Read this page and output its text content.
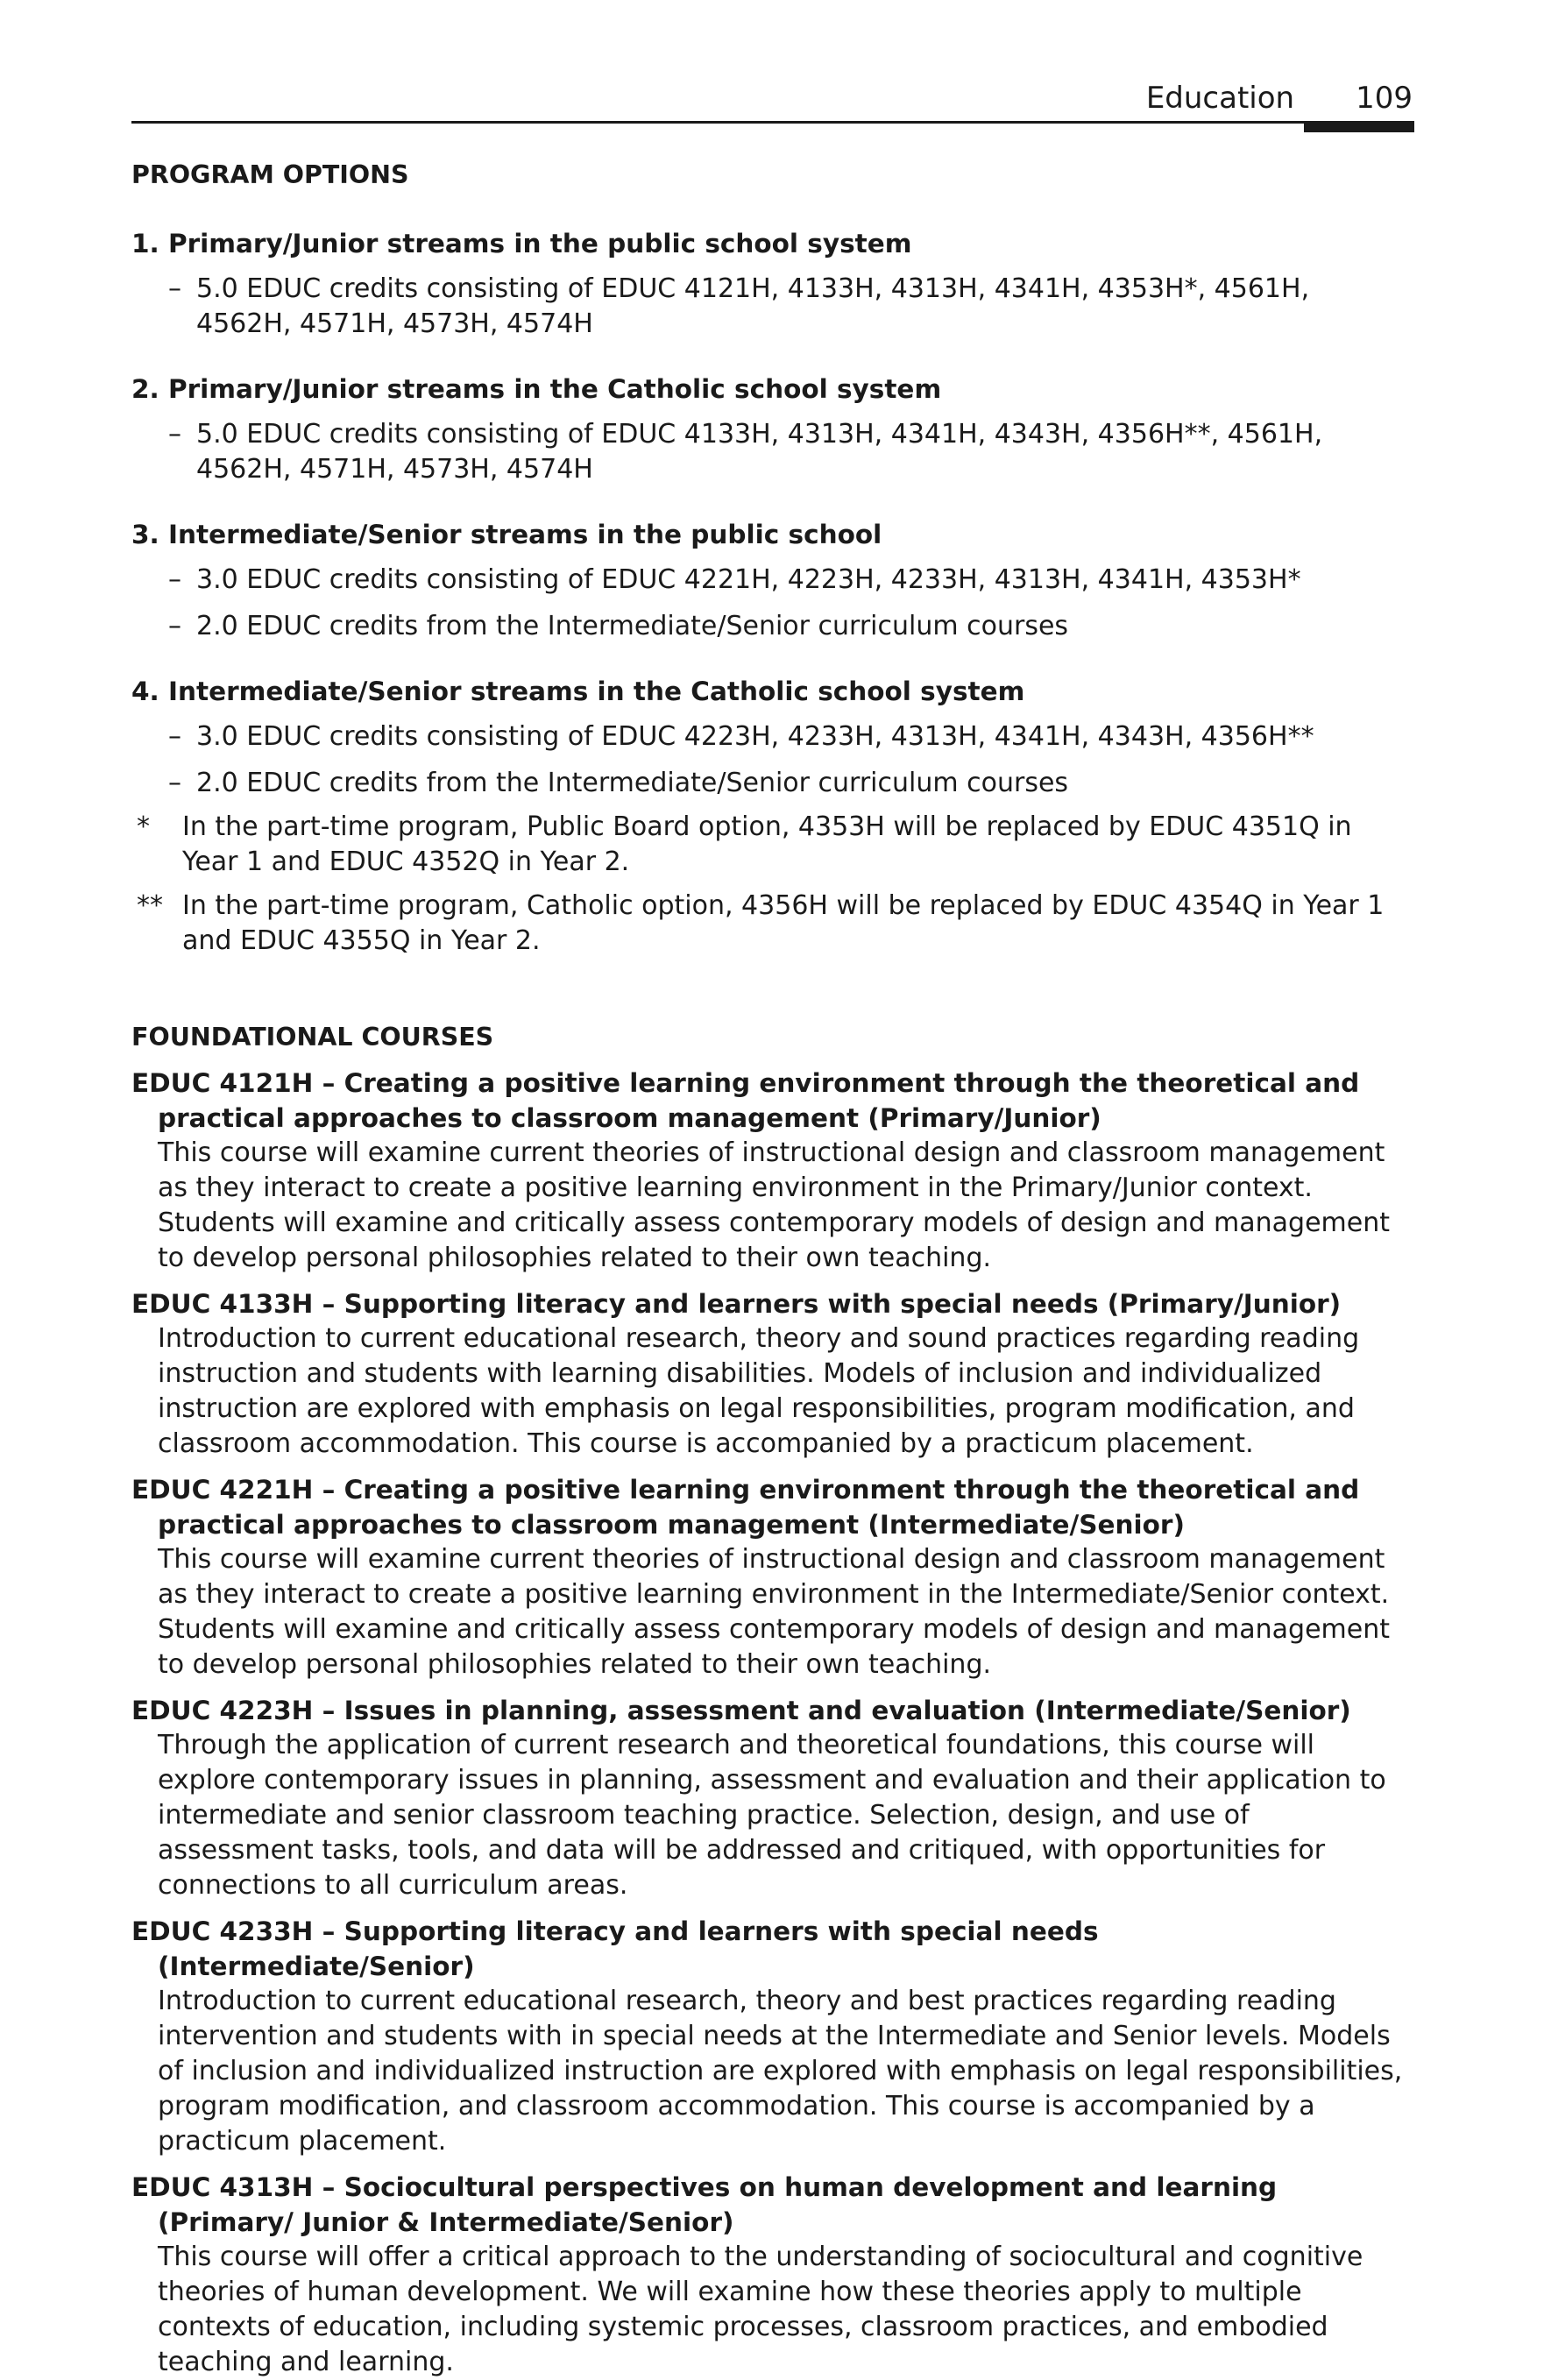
Education 109
PROGRAM OPTIONS
1. Primary/Junior streams in the public school system
– 5.0 EDUC credits consisting of EDUC 4121H, 4133H, 4313H, 4341H, 4353H*, 4561H, 4562H, 4571H, 4573H, 4574H
2. Primary/Junior streams in the Catholic school system
– 5.0 EDUC credits consisting of EDUC 4133H, 4313H, 4341H, 4343H, 4356H**, 4561H, 4562H, 4571H, 4573H, 4574H
3. Intermediate/Senior streams in the public school
– 3.0 EDUC credits consisting of EDUC 4221H, 4223H, 4233H, 4313H, 4341H, 4353H*
– 2.0 EDUC credits from the Intermediate/Senior curriculum courses
4. Intermediate/Senior streams in the Catholic school system
– 3.0 EDUC credits consisting of EDUC 4223H, 4233H, 4313H, 4341H, 4343H, 4356H**
– 2.0 EDUC credits from the Intermediate/Senior curriculum courses
* In the part-time program, Public Board option, 4353H will be replaced by EDUC 4351Q in Year 1 and EDUC 4352Q in Year 2.
** In the part-time program, Catholic option, 4356H will be replaced by EDUC 4354Q in Year 1 and EDUC 4355Q in Year 2.
FOUNDATIONAL COURSES
EDUC 4121H – Creating a positive learning environment through the theoretical and practical approaches to classroom management (Primary/Junior)
This course will examine current theories of instructional design and classroom management as they interact to create a positive learning environment in the Primary/Junior context. Students will examine and critically assess contemporary models of design and management to develop personal philosophies related to their own teaching.
EDUC 4133H – Supporting literacy and learners with special needs (Primary/Junior)
Introduction to current educational research, theory and sound practices regarding reading instruction and students with learning disabilities. Models of inclusion and individualized instruction are explored with emphasis on legal responsibilities, program modification, and classroom accommodation. This course is accompanied by a practicum placement.
EDUC 4221H – Creating a positive learning environment through the theoretical and practical approaches to classroom management (Intermediate/Senior)
This course will examine current theories of instructional design and classroom management as they interact to create a positive learning environment in the Intermediate/Senior context. Students will examine and critically assess contemporary models of design and management to develop personal philosophies related to their own teaching.
EDUC 4223H – Issues in planning, assessment and evaluation (Intermediate/Senior)
Through the application of current research and theoretical foundations, this course will explore contemporary issues in planning, assessment and evaluation and their application to intermediate and senior classroom teaching practice. Selection, design, and use of assessment tasks, tools, and data will be addressed and critiqued, with opportunities for connections to all curriculum areas.
EDUC 4233H – Supporting literacy and learners with special needs (Intermediate/Senior)
Introduction to current educational research, theory and best practices regarding reading intervention and students with in special needs at the Intermediate and Senior levels. Models of inclusion and individualized instruction are explored with emphasis on legal responsibilities, program modification, and classroom accommodation. This course is accompanied by a practicum placement.
EDUC 4313H – Sociocultural perspectives on human development and learning (Primary/ Junior & Intermediate/Senior)
This course will offer a critical approach to the understanding of sociocultural and cognitive theories of human development. We will examine how these theories apply to multiple contexts of education, including systemic processes, classroom practices, and embodied teaching and learning.
